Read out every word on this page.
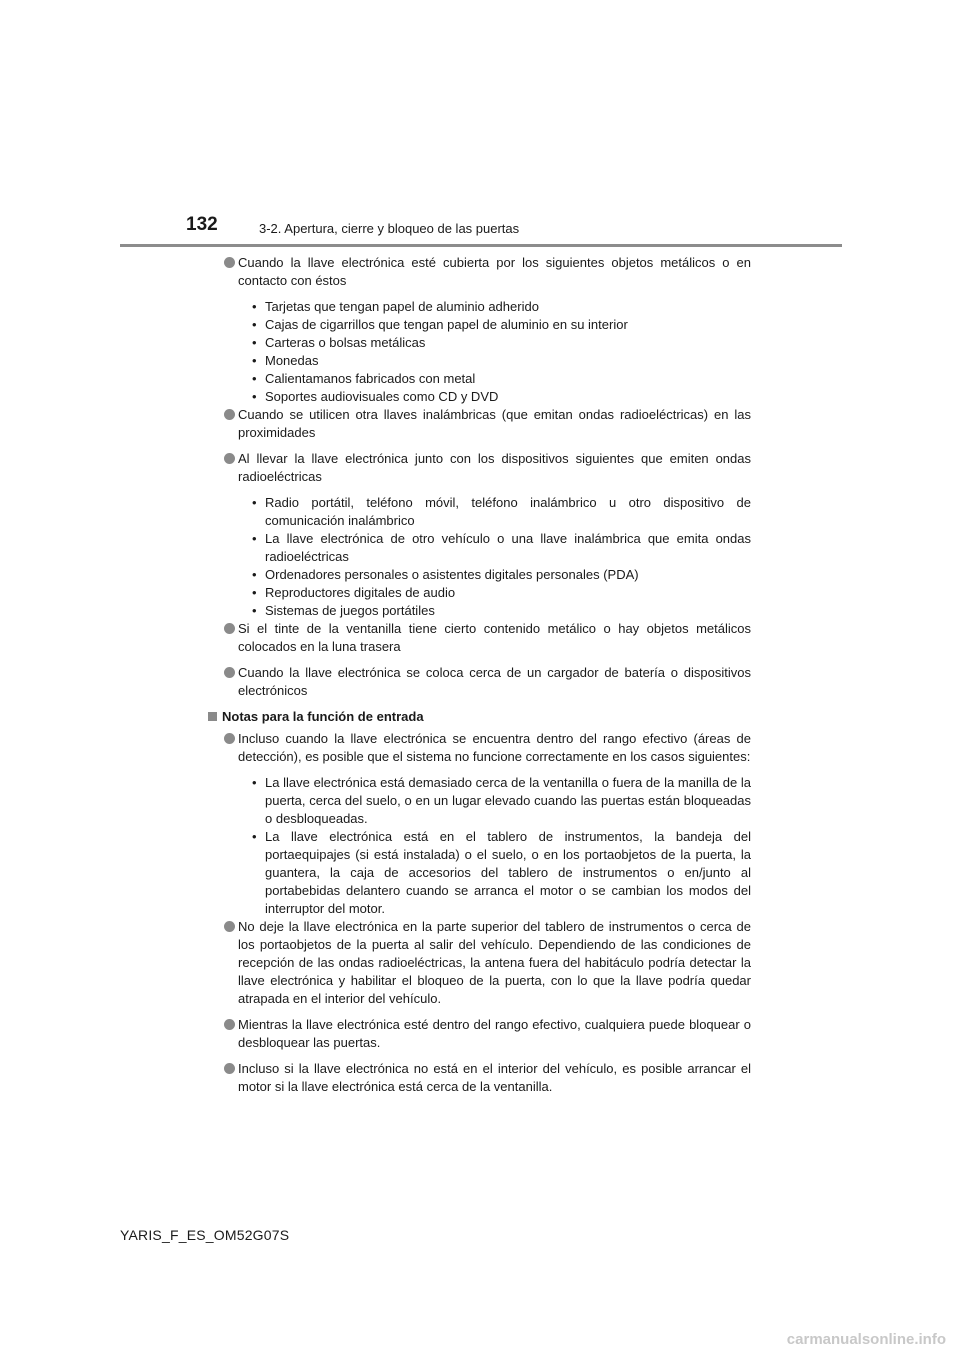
132	3-2. Apertura, cierre y bloqueo de las puertas
Cuando la llave electrónica esté cubierta por los siguientes objetos metálicos o en contacto con éstos
• Tarjetas que tengan papel de aluminio adherido
• Cajas de cigarrillos que tengan papel de aluminio en su interior
• Carteras o bolsas metálicas
• Monedas
• Calientamanos fabricados con metal
• Soportes audiovisuales como CD y DVD
Cuando se utilicen otra llaves inalámbricas (que emitan ondas radioeléctricas) en las proximidades
Al llevar la llave electrónica junto con los dispositivos siguientes que emiten ondas radioeléctricas
• Radio portátil, teléfono móvil, teléfono inalámbrico u otro dispositivo de comunicación inalámbrico
• La llave electrónica de otro vehículo o una llave inalámbrica que emita ondas radioeléctricas
• Ordenadores personales o asistentes digitales personales (PDA)
• Reproductores digitales de audio
• Sistemas de juegos portátiles
Si el tinte de la ventanilla tiene cierto contenido metálico o hay objetos metálicos colocados en la luna trasera
Cuando la llave electrónica se coloca cerca de un cargador de batería o dispositivos electrónicos
Notas para la función de entrada
Incluso cuando la llave electrónica se encuentra dentro del rango efectivo (áreas de detección), es posible que el sistema no funcione correctamente en los casos siguientes:
• La llave electrónica está demasiado cerca de la ventanilla o fuera de la manilla de la puerta, cerca del suelo, o en un lugar elevado cuando las puertas están bloqueadas o desbloqueadas.
• La llave electrónica está en el tablero de instrumentos, la bandeja del portaequipajes (si está instalada) o el suelo, o en los portaobjetos de la puerta, la guantera, la caja de accesorios del tablero de instrumentos o en/junto al portabebidas delantero cuando se arranca el motor o se cambian los modos del interruptor del motor.
No deje la llave electrónica en la parte superior del tablero de instrumentos o cerca de los portaobjetos de la puerta al salir del vehículo. Dependiendo de las condiciones de recepción de las ondas radioeléctricas, la antena fuera del habitáculo podría detectar la llave electrónica y habilitar el bloqueo de la puerta, con lo que la llave podría quedar atrapada en el interior del vehículo.
Mientras la llave electrónica esté dentro del rango efectivo, cualquiera puede bloquear o desbloquear las puertas.
Incluso si la llave electrónica no está en el interior del vehículo, es posible arrancar el motor si la llave electrónica está cerca de la ventanilla.
YARIS_F_ES_OM52G07S
carmanualsonline.info
